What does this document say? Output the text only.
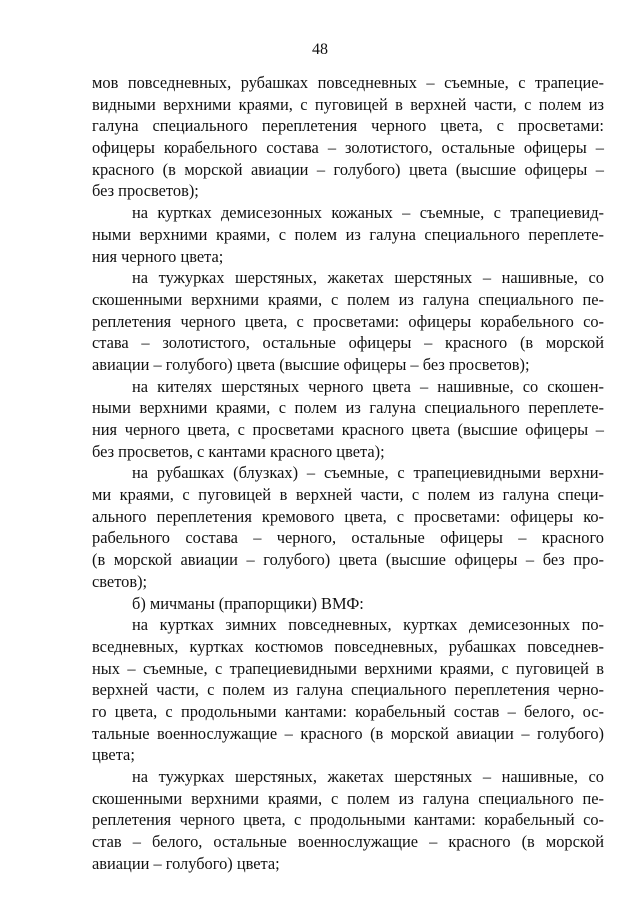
48
мов повседневных, рубашках повседневных – съемные, с трапецие-
видными верхними краями, с пуговицей в верхней части, с полем из
галуна специального переплетения черного цвета, с просветами:
офицеры корабельного состава – золотистого, остальные офицеры –
красного (в морской авиации – голубого) цвета (высшие офицеры –
без просветов);
на куртках демисезонных кожаных – съемные, с трапециевид-
ными верхними краями, с полем из галуна специального переплете-
ния черного цвета;
на тужурках шерстяных, жакетах шерстяных – нашивные, со
скошенными верхними краями, с полем из галуна специального пе-
реплетения черного цвета, с просветами: офицеры корабельного со-
става – золотистого, остальные офицеры – красного (в морской
авиации – голубого) цвета (высшие офицеры – без просветов);
на кителях шерстяных черного цвета – нашивные, со скошен-
ными верхними краями, с полем из галуна специального переплете-
ния черного цвета, с просветами красного цвета (высшие офицеры –
без просветов, с кантами красного цвета);
на рубашках (блузках) – съемные, с трапециевидными верхни-
ми краями, с пуговицей в верхней части, с полем из галуна специ-
ального переплетения кремового цвета, с просветами: офицеры ко-
рабельного состава – черного, остальные офицеры – красного
(в морской авиации – голубого) цвета (высшие офицеры – без про-
светов);
б) мичманы (прапорщики) ВМФ:
на куртках зимних повседневных, куртках демисезонных по-
вседневных, куртках костюмов повседневных, рубашках повседнев-
ных – съемные, с трапециевидными верхними краями, с пуговицей в
верхней части, с полем из галуна специального переплетения черно-
го цвета, с продольными кантами: корабельный состав – белого, ос-
тальные военнослужащие – красного (в морской авиации – голубого)
цвета;
на тужурках шерстяных, жакетах шерстяных – нашивные, со
скошенными верхними краями, с полем из галуна специального пе-
реплетения черного цвета, с продольными кантами: корабельный со-
став – белого, остальные военнослужащие – красного (в морской
авиации – голубого) цвета;
